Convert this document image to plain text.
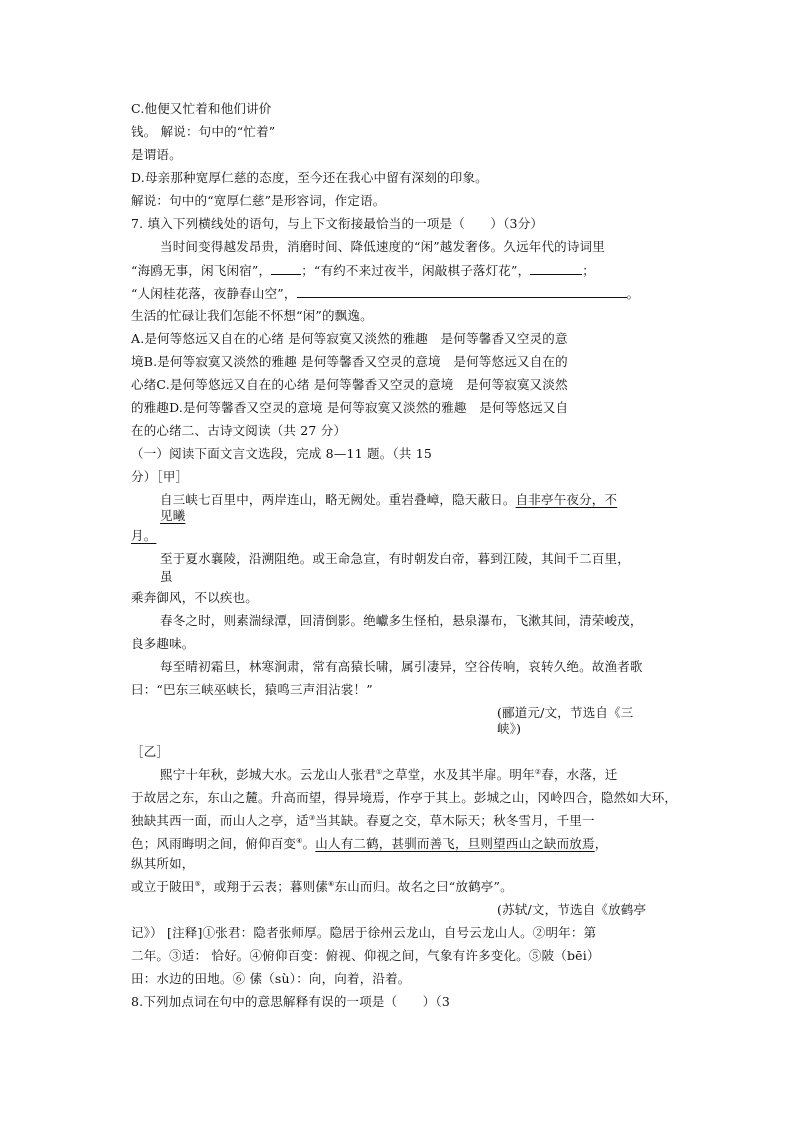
C.他便又忙着和他们讲价
钱。 解说：句中的“忙着”
是谓语。
D.母亲那种宽厚仁慈的态度，至今还在我心中留有深刻的印象。
解说：句中的“宽厚仁慈”是形容词，作定语。
7. 填入下列横线处的语句，与上下文衔接最恰当的一项是（　　）（3分）
当时间变得越发昂贵，消磨时间、降低速度的“闲”越发奢侈。久远年代的诗词里
“海鸥无事，闲飞闲宿”， ；“有约不来过夜半，闲敲棋子落灯花”，	；
“人闲桂花落，夜静春山空”，	。
生活的忙碌让我们怎能不怀想“闲”的飘逸。
A.是何等悠远又自在的心绪 是何等寂寞又淡然的雅趣　是何等馨香又空灵的意
境B.是何等寂寞又淡然的雅趣 是何等馨香又空灵的意境　是何等悠远又自在的
心绪C.是何等悠远又自在的心绪 是何等馨香又空灵的意境　是何等寂寞又淡然
的雅趣D.是何等馨香又空灵的意境 是何等寂寞又淡然的雅趣　是何等悠远又自
在的心绪二、古诗文阅读（共 27 分）
（一）阅读下面文言文选段，完成 8—11 题。（共 15
分）［甲］
自三峡七百里中，两岸连山，略无阙处。重岩叠嶂，隐天蔽日。自非亭午夜分，不
见曦
月。
至于夏水襄陵，沿溯阻绝。或王命急宣，有时朝发白帝，暮到江陵，其间千二百里，
虽
乘奔御风，不以疾也。
春冬之时，则素湍绿潭，回清倒影。绝巘多生怪柏，悬泉瀑布，飞漱其间，清荣峻茂，
良多趣味。
每至晴初霜旦，林寒涧肃，常有高猿长啸，属引凄异，空谷传响，哀转久绝。故渔者歌
曰：“巴东三峡巫峡长，猿鸣三声泪沾裳！”
(郦道元/文，节选自《三
峡》)
［乙］
熙宁十年秋，彭城大水。云龙山人张君①之草堂，水及其半扉。明年②春，水落，迁
于故居之东，东山之麓。升高而望，得异境焉，作亭于其上。彭城之山，冈岭四合，隐然如大环，
独缺其西一面，而山人之亭，适③当其缺。春夏之交，草木际天；秋冬雪月，千里一
色；风雨晦明之间，俯仰百变④。山人有二鹤，甚驯而善飞，旦则望西山之缺而放焉，
纵其所如，
或立于陂田⑤，或翔于云表；暮则傃⑥东山而归。故名之曰“放鹤亭”。
(苏轼/文，节选自《放鹤亭
记》） [注释]①张君：隐者张师厚。隐居于徐州云龙山，自号云龙山人。②明年：第
二年。③适： 恰好。④俯仰百变：俯视、仰视之间，气象有许多变化。⑤陂（bēi）
田：水边的田地。⑥ 傃（sù）：向，向着，沿着。
8.下列加点词在句中的意思解释有误的一项是（　　）（3
